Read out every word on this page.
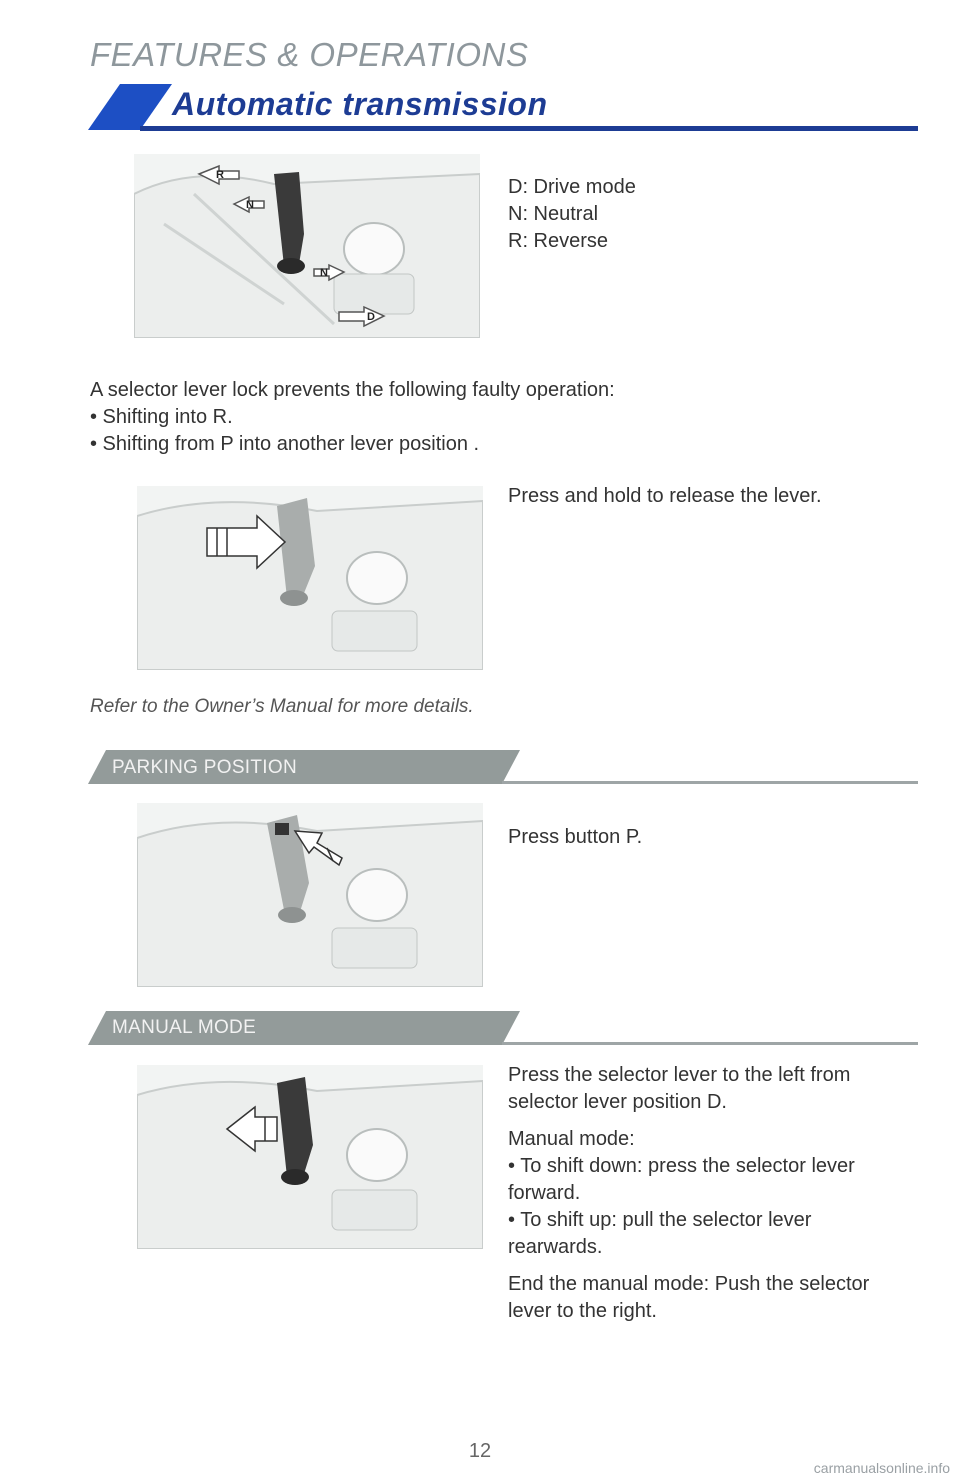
FEATURES & OPERATIONS
Automatic transmission
R
N
N
D

D: Drive mode

N: Neutral

R: Reverse

A selector lever lock prevents the following faulty operation:

• Shifting into R.

• Shifting from P into another lever position .

Press and hold to release the lever.
Refer to the Owner’s Manual for more details.
PARKING POSITION
Press button P.
MANUAL MODE

Press the selector lever to the left from selector lever position D.

Manual mode:

• To shift down: press the selector lever forward.

• To shift up: pull the selector lever rearwards.

End the manual mode: Push the selector lever to the right.

12
carmanualsonline.info
